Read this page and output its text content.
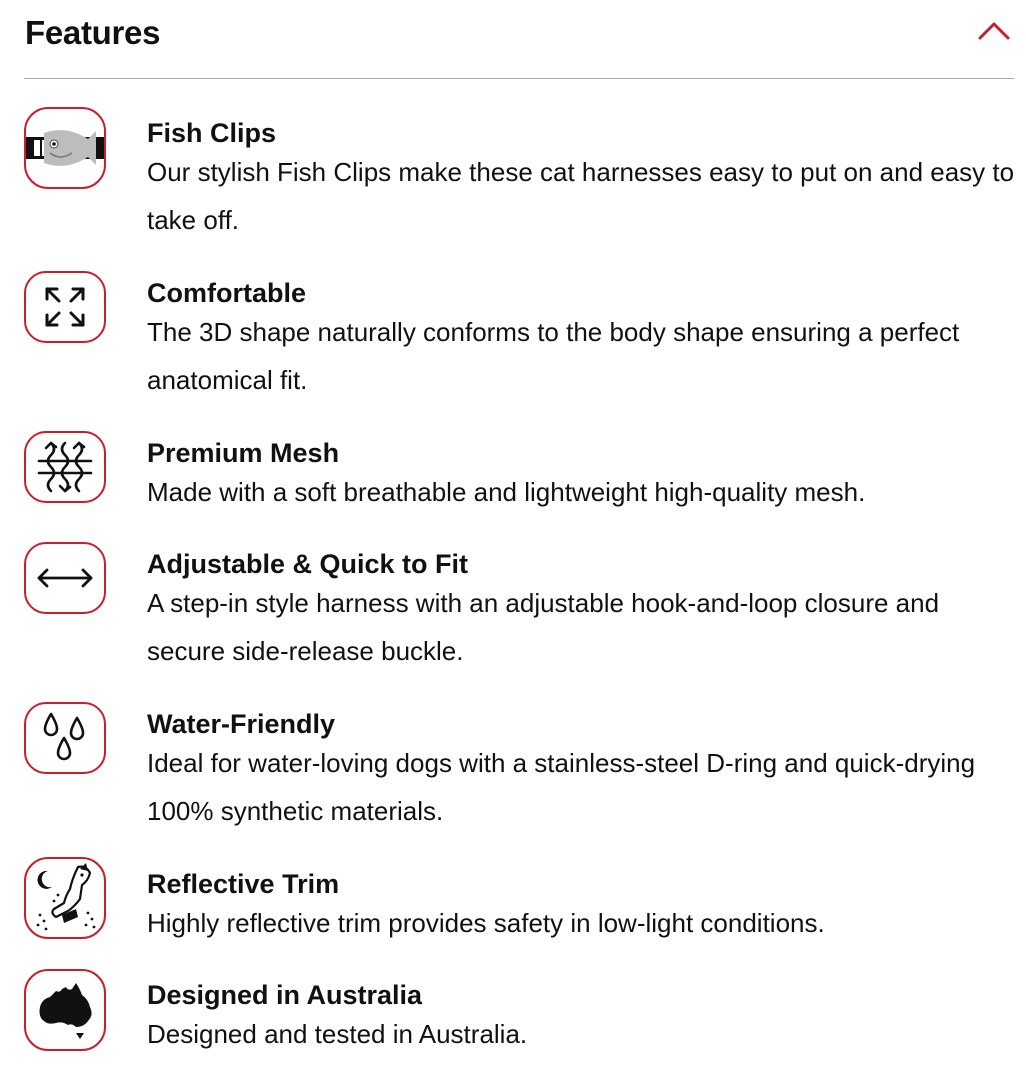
Features
Fish Clips
Our stylish Fish Clips make these cat harnesses easy to put on and easy to take off.
Comfortable
The 3D shape naturally conforms to the body shape ensuring a perfect anatomical fit.
Premium Mesh
Made with a soft breathable and lightweight high-quality mesh.
Adjustable & Quick to Fit
A step-in style harness with an adjustable hook-and-loop closure and secure side-release buckle.
Water-Friendly
Ideal for water-loving dogs with a stainless-steel D-ring and quick-drying 100% synthetic materials.
Reflective Trim
Highly reflective trim provides safety in low-light conditions.
Designed in Australia
Designed and tested in Australia.
